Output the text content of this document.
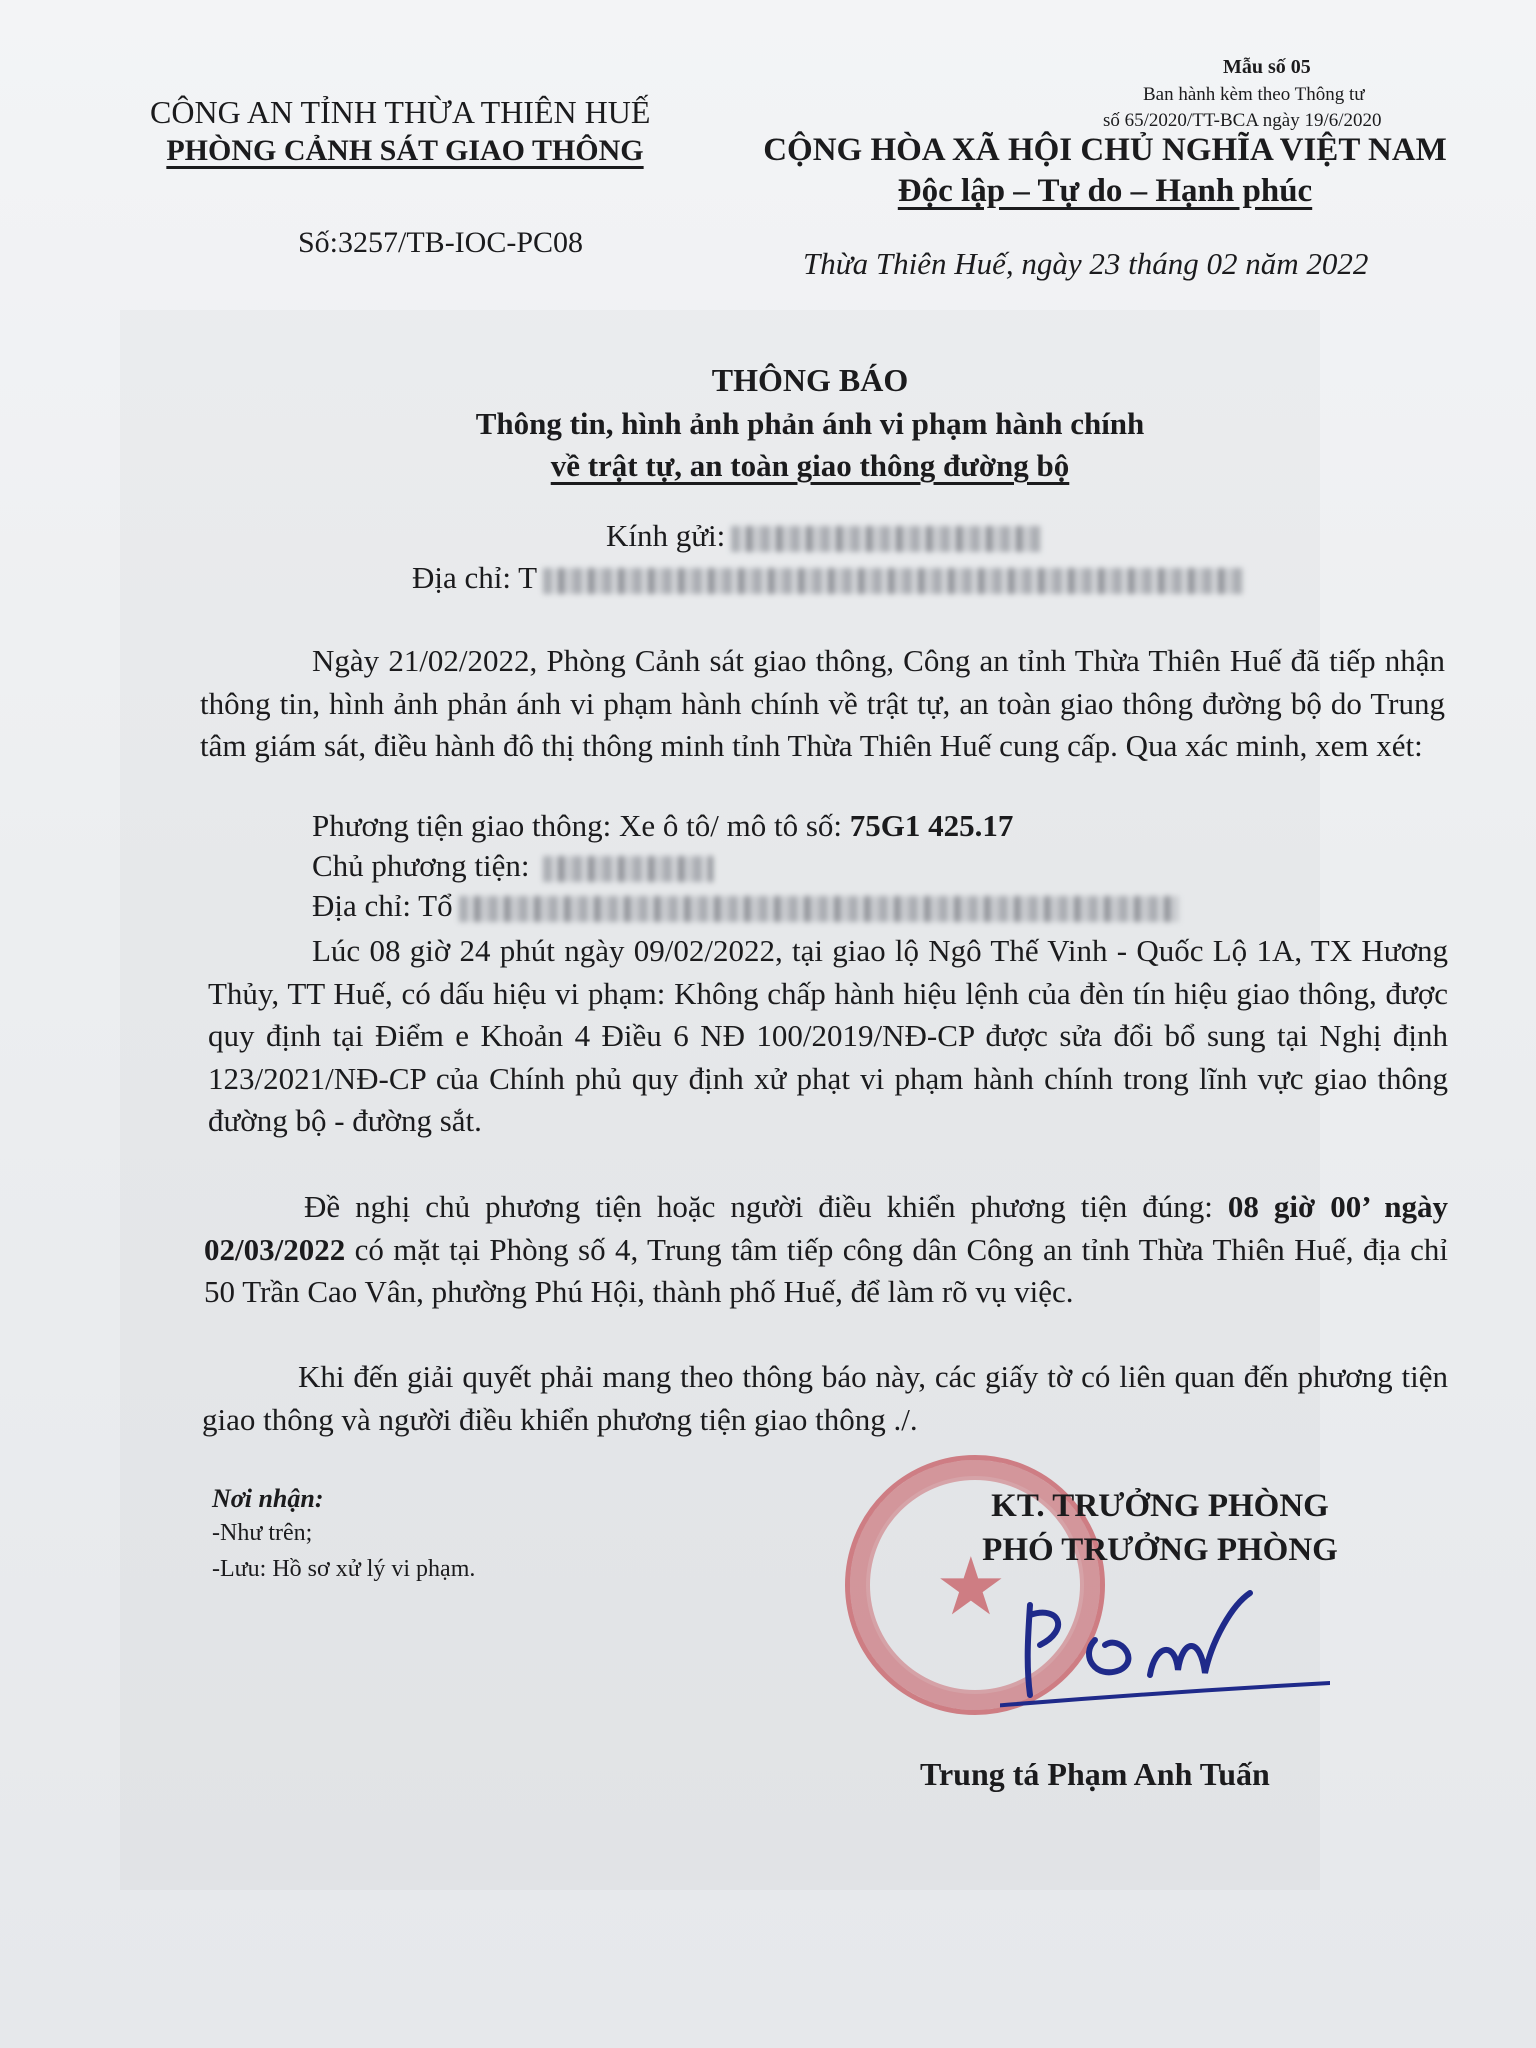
Mẫu số 05
Ban hành kèm theo Thông tư
số 65/2020/TT-BCA ngày 19/6/2020
CÔNG AN TỈNH THỪA THIÊN HUẾ
PHÒNG CẢNH SÁT GIAO THÔNG
Số:3257/TB-IOC-PC08
CỘNG HÒA XÃ HỘI CHỦ NGHĨA VIỆT NAM
Độc lập – Tự do – Hạnh phúc
Thừa Thiên Huế, ngày 23 tháng 02 năm 2022
THÔNG BÁO
Thông tin, hình ảnh phản ánh vi phạm hành chính
về trật tự, an toàn giao thông đường bộ
Kính gửi:
Địa chỉ: T
Ngày 21/02/2022, Phòng Cảnh sát giao thông, Công an tỉnh Thừa Thiên Huế đã tiếp nhận thông tin, hình ảnh phản ánh vi phạm hành chính về trật tự, an toàn giao thông đường bộ do Trung tâm giám sát, điều hành đô thị thông minh tỉnh Thừa Thiên Huế cung cấp. Qua xác minh, xem xét:
Phương tiện giao thông: Xe ô tô/ mô tô số: 75G1 425.17
Chủ phương tiện:
Địa chỉ: Tổ
Lúc 08 giờ 24 phút ngày 09/02/2022, tại giao lộ Ngô Thế Vinh - Quốc Lộ 1A, TX Hương Thủy, TT Huế, có dấu hiệu vi phạm: Không chấp hành hiệu lệnh của đèn tín hiệu giao thông, được quy định tại Điểm e Khoản 4 Điều 6 NĐ 100/2019/NĐ-CP được sửa đổi bổ sung tại Nghị định 123/2021/NĐ-CP của Chính phủ quy định xử phạt vi phạm hành chính trong lĩnh vực giao thông đường bộ - đường sắt.
Đề nghị chủ phương tiện hoặc người điều khiển phương tiện đúng: 08 giờ 00’ ngày 02/03/2022 có mặt tại Phòng số 4, Trung tâm tiếp công dân Công an tỉnh Thừa Thiên Huế, địa chỉ 50 Trần Cao Vân, phường Phú Hội, thành phố Huế, để làm rõ vụ việc.
Khi đến giải quyết phải mang theo thông báo này, các giấy tờ có liên quan đến phương tiện giao thông và người điều khiển phương tiện giao thông ./.
Nơi nhận:
-Như trên;
-Lưu: Hồ sơ xử lý vi phạm.	★
KT. TRƯỞNG PHÒNG
PHÓ TRƯỞNG PHÒNG
Trung tá Phạm Anh Tuấn
